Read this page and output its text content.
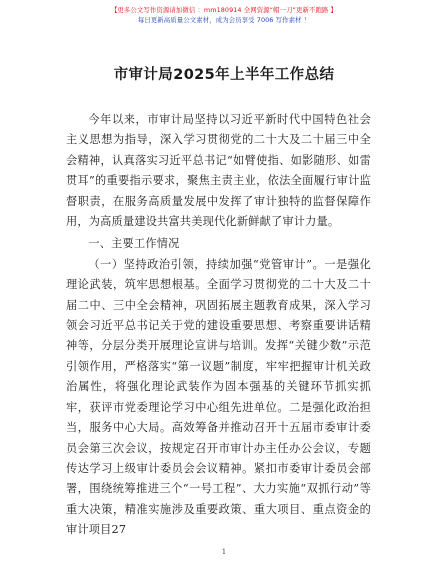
【更多公文写作资源请加微信 ：mm180914 全网资源“帽一刀”更新不跑路 】
每日更新高质量公文素材，成为会员享受 7006 写作素材 ！
市审计局2025年上半年工作总结

今年以来，市审计局坚持以习近平新时代中国特色社会主义思想为指导，深入学习贯彻党的二十大及二十届三中全会精神，认真落实习近平总书记“如臂使指、如影随形、如雷贯耳”的重要指示要求，聚焦主责主业，依法全面履行审计监督职责，在服务高质量发展中发挥了审计独特的监督保障作用，为高质量建设共富共美现代化新鲜献了审计力量。

一、主要工作情况

（一）坚持政治引领，持续加强“党管审计”。一是强化理论武装，筑牢思想根基。全面学习贯彻党的二十大及二十届二中、三中全会精神，巩固拓展主题教育成果，深入学习领会习近平总书记关于党的建设重要思想、考察重要讲话精神等，分层分类开展理论宣讲与培训。发挥“关键少数”示范引领作用，严格落实“第一议题”制度，牢牢把握审计机关政治属性，将强化理论武装作为固本强基的关键环节抓实抓牢，获评市党委理论学习中心组先进单位。二是强化政治担当，服务中心大局。高效筹备并推动召开十五届市委审计委员会第三次会议，按规定召开市审计办主任办公会议，专题传达学习上级审计委员会会议精神。紧扣市委审计委员会部署，围绕统筹推进三个“一号工程”、大力实施“双抓行动”等重大决策，精准实施涉及重要政策、重大项目、重点资金的审计项目27

1
